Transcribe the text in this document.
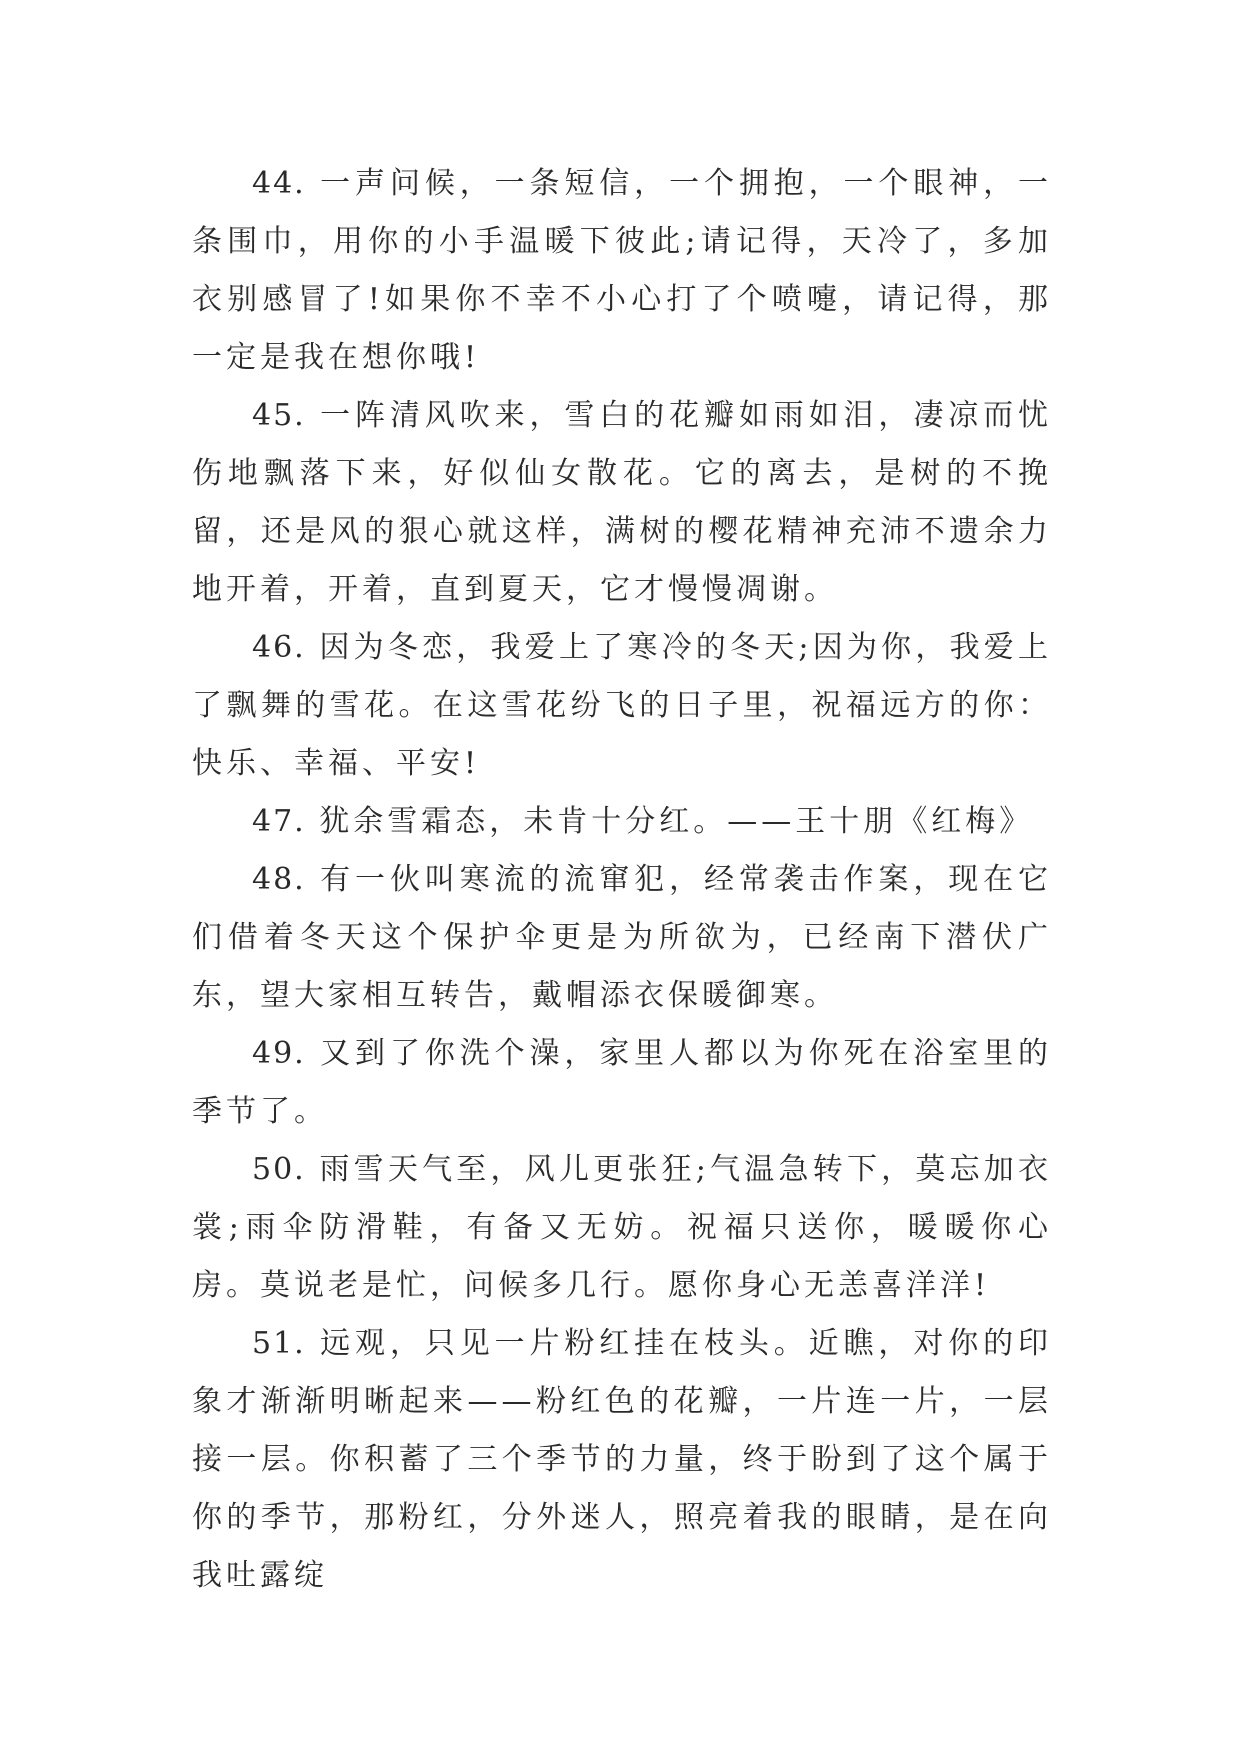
44. 一声问候，一条短信，一个拥抱，一个眼神，一条围巾，用你的小手温暖下彼此;请记得，天冷了，多加衣别感冒了!如果你不幸不小心打了个喷嚏，请记得，那一定是我在想你哦!

45. 一阵清风吹来，雪白的花瓣如雨如泪，凄凉而忧伤地飘落下来，好似仙女散花。它的离去，是树的不挽留，还是风的狠心就这样，满树的樱花精神充沛不遗余力地开着，开着，直到夏天，它才慢慢凋谢。

46. 因为冬恋，我爱上了寒冷的冬天;因为你，我爱上了飘舞的雪花。在这雪花纷飞的日子里，祝福远方的你：快乐、幸福、平安!

47. 犹余雪霜态，未肯十分红。——王十朋《红梅》

48. 有一伙叫寒流的流窜犯，经常袭击作案，现在它们借着冬天这个保护伞更是为所欲为，已经南下潜伏广东，望大家相互转告，戴帽添衣保暖御寒。

49. 又到了你洗个澡，家里人都以为你死在浴室里的季节了。

50. 雨雪天气至，风儿更张狂;气温急转下，莫忘加衣裳;雨伞防滑鞋，有备又无妨。祝福只送你，暖暖你心房。莫说老是忙，问候多几行。愿你身心无恙喜洋洋!

51. 远观，只见一片粉红挂在枝头。近瞧，对你的印象才渐渐明晰起来——粉红色的花瓣，一片连一片，一层接一层。你积蓄了三个季节的力量，终于盼到了这个属于你的季节，那粉红，分外迷人，照亮着我的眼睛，是在向我吐露绽
